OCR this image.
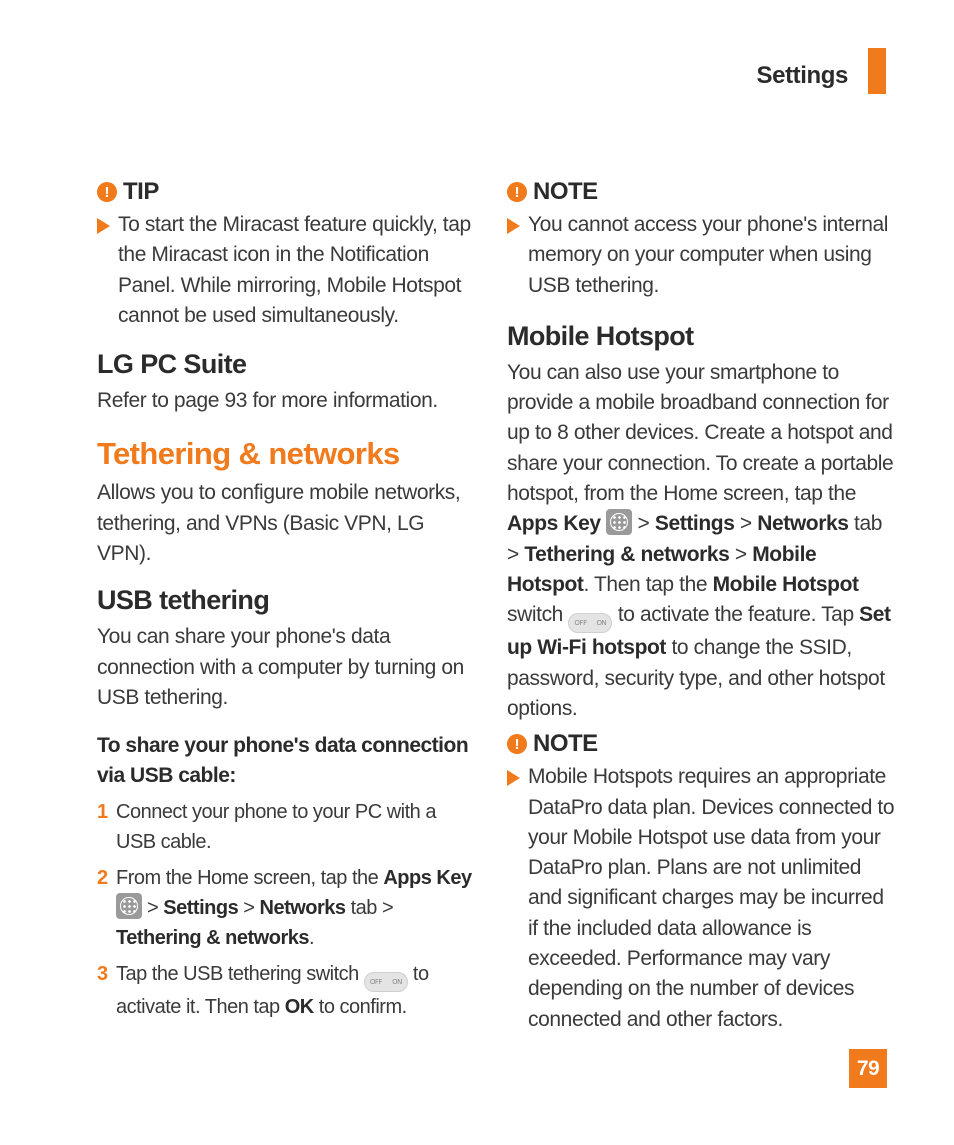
Settings
! TIP
To start the Miracast feature quickly, tap the Miracast icon in the Notification Panel. While mirroring, Mobile Hotspot cannot be used simultaneously.
LG PC Suite
Refer to page 93 for more information.
Tethering & networks
Allows you to configure mobile networks, tethering, and VPNs (Basic VPN, LG VPN).
USB tethering
You can share your phone's data connection with a computer by turning on USB tethering.
To share your phone's data connection via USB cable:
1 Connect your phone to your PC with a USB cable.
2 From the Home screen, tap the Apps Key  > Settings > Networks tab > Tethering & networks.
3 Tap the USB tethering switch OFF ON to activate it. Then tap OK to confirm.
! NOTE
You cannot access your phone's internal memory on your computer when using USB tethering.
Mobile Hotspot
You can also use your smartphone to provide a mobile broadband connection for up to 8 other devices. Create a hotspot and share your connection. To create a portable hotspot, from the Home screen, tap the Apps Key  > Settings > Networks tab > Tethering & networks > Mobile Hotspot. Then tap the Mobile Hotspot switch OFF ON to activate the feature. Tap Set up Wi-Fi hotspot to change the SSID, password, security type, and other hotspot options.
! NOTE
Mobile Hotspots requires an appropriate DataPro data plan. Devices connected to your Mobile Hotspot use data from your DataPro plan. Plans are not unlimited and significant charges may be incurred if the included data allowance is exceeded. Performance may vary depending on the number of devices connected and other factors.
79
